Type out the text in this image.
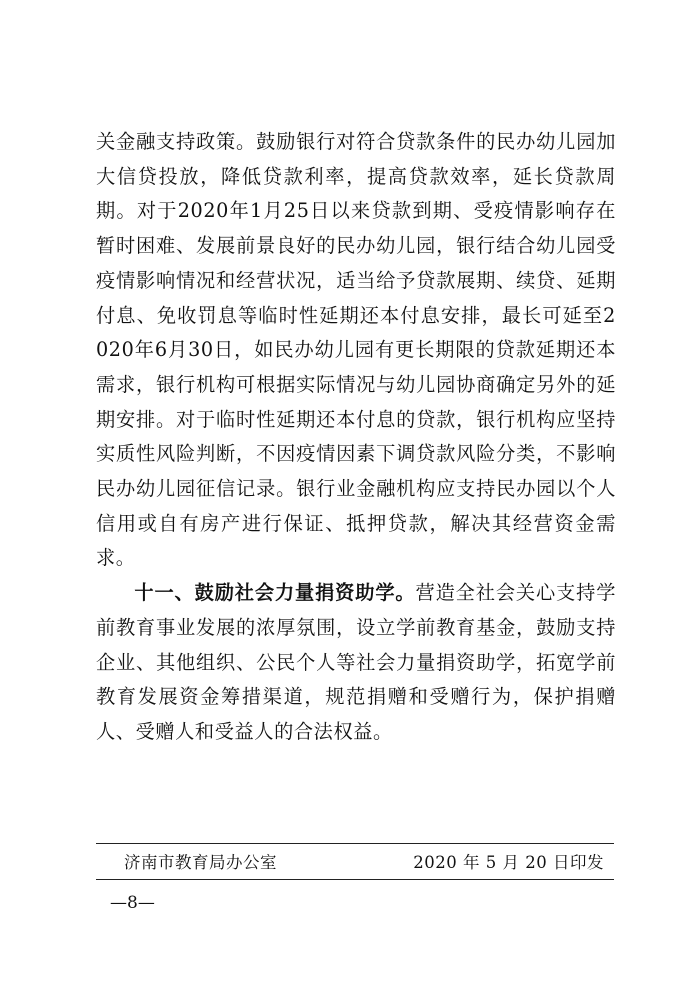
关金融支持政策。鼓励银行对符合贷款条件的民办幼儿园加大信贷投放，降低贷款利率，提高贷款效率，延长贷款周期。对于2020年1月25日以来贷款到期、受疫情影响存在暂时困难、发展前景良好的民办幼儿园，银行结合幼儿园受疫情影响情况和经营状况，适当给予贷款展期、续贷、延期付息、免收罚息等临时性延期还本付息安排，最长可延至2020年6月30日，如民办幼儿园有更长期限的贷款延期还本需求，银行机构可根据实际情况与幼儿园协商确定另外的延期安排。对于临时性延期还本付息的贷款，银行机构应坚持实质性风险判断，不因疫情因素下调贷款风险分类，不影响民办幼儿园征信记录。银行业金融机构应支持民办园以个人信用或自有房产进行保证、抵押贷款，解决其经营资金需求。

十一、鼓励社会力量捐资助学。营造全社会关心支持学前教育事业发展的浓厚氛围，设立学前教育基金，鼓励支持企业、其他组织、公民个人等社会力量捐资助学，拓宽学前教育发展资金筹措渠道，规范捐赠和受赠行为，保护捐赠人、受赠人和受益人的合法权益。

济南市教育局办公室	2020 年 5 月 20 日印发
—8—
